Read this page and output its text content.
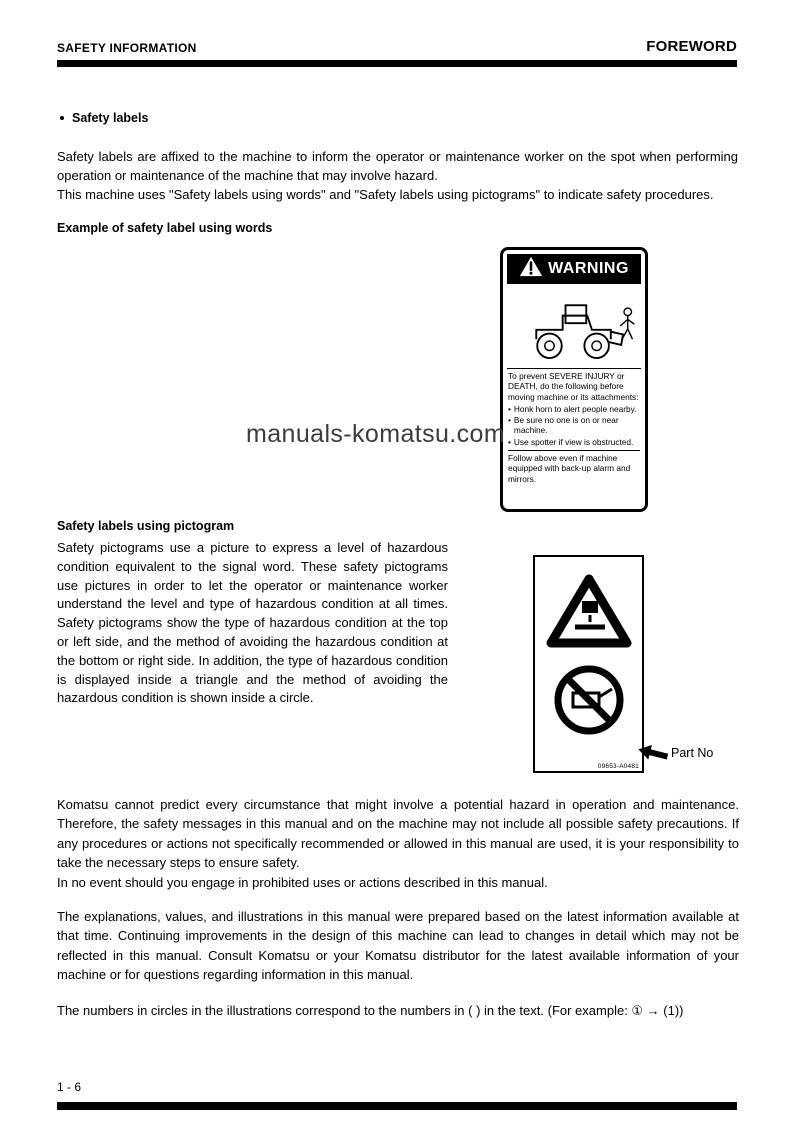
SAFETY INFORMATION	FOREWORD
Safety labels

Safety labels are affixed to the machine to inform the operator or maintenance worker on the spot when performing operation or maintenance of the machine that may involve hazard.

This machine uses "Safety labels using words" and "Safety labels using pictograms" to indicate safety procedures.

Example of safety label using words
WARNING

To prevent SEVERE INJURY or DEATH, do the following before moving machine or its attachments:

• Honk horn to alert people nearby.
• Be sure no one is on or near machine.
• Use spotter if view is obstructed.

Follow above even if machine equipped with back-up alarm and mirrors.

manuals-komatsu.com
Safety labels using pictogram

Safety pictograms use a picture to express a level of hazardous condition equivalent to the signal word. These safety pictograms use pictures in order to let the operator or maintenance worker understand the level and type of hazardous condition at all times. Safety pictograms show the type of hazardous condition at the top or left side, and the method of avoiding the hazardous condition at the bottom or right side. In addition, the type of hazardous condition is displayed inside a triangle and the method of avoiding the hazardous condition is shown inside a circle.

09653-A0481
Part No

Komatsu cannot predict every circumstance that might involve a potential hazard in operation and maintenance. Therefore, the safety messages in this manual and on the machine may not include all possible safety precautions. If any procedures or actions not specifically recommended or allowed in this manual are used, it is your responsibility to take the necessary steps to ensure safety.

In no event should you engage in prohibited uses or actions described in this manual.

The explanations, values, and illustrations in this manual were prepared based on the latest information available at that time. Continuing improvements in the design of this machine can lead to changes in detail which may not be reflected in this manual. Consult Komatsu or your Komatsu distributor for the latest available information of your machine or for questions regarding information in this manual.

The numbers in circles in the illustrations correspond to the numbers in ( ) in the text. (For example: ① → (1))

1 - 6
